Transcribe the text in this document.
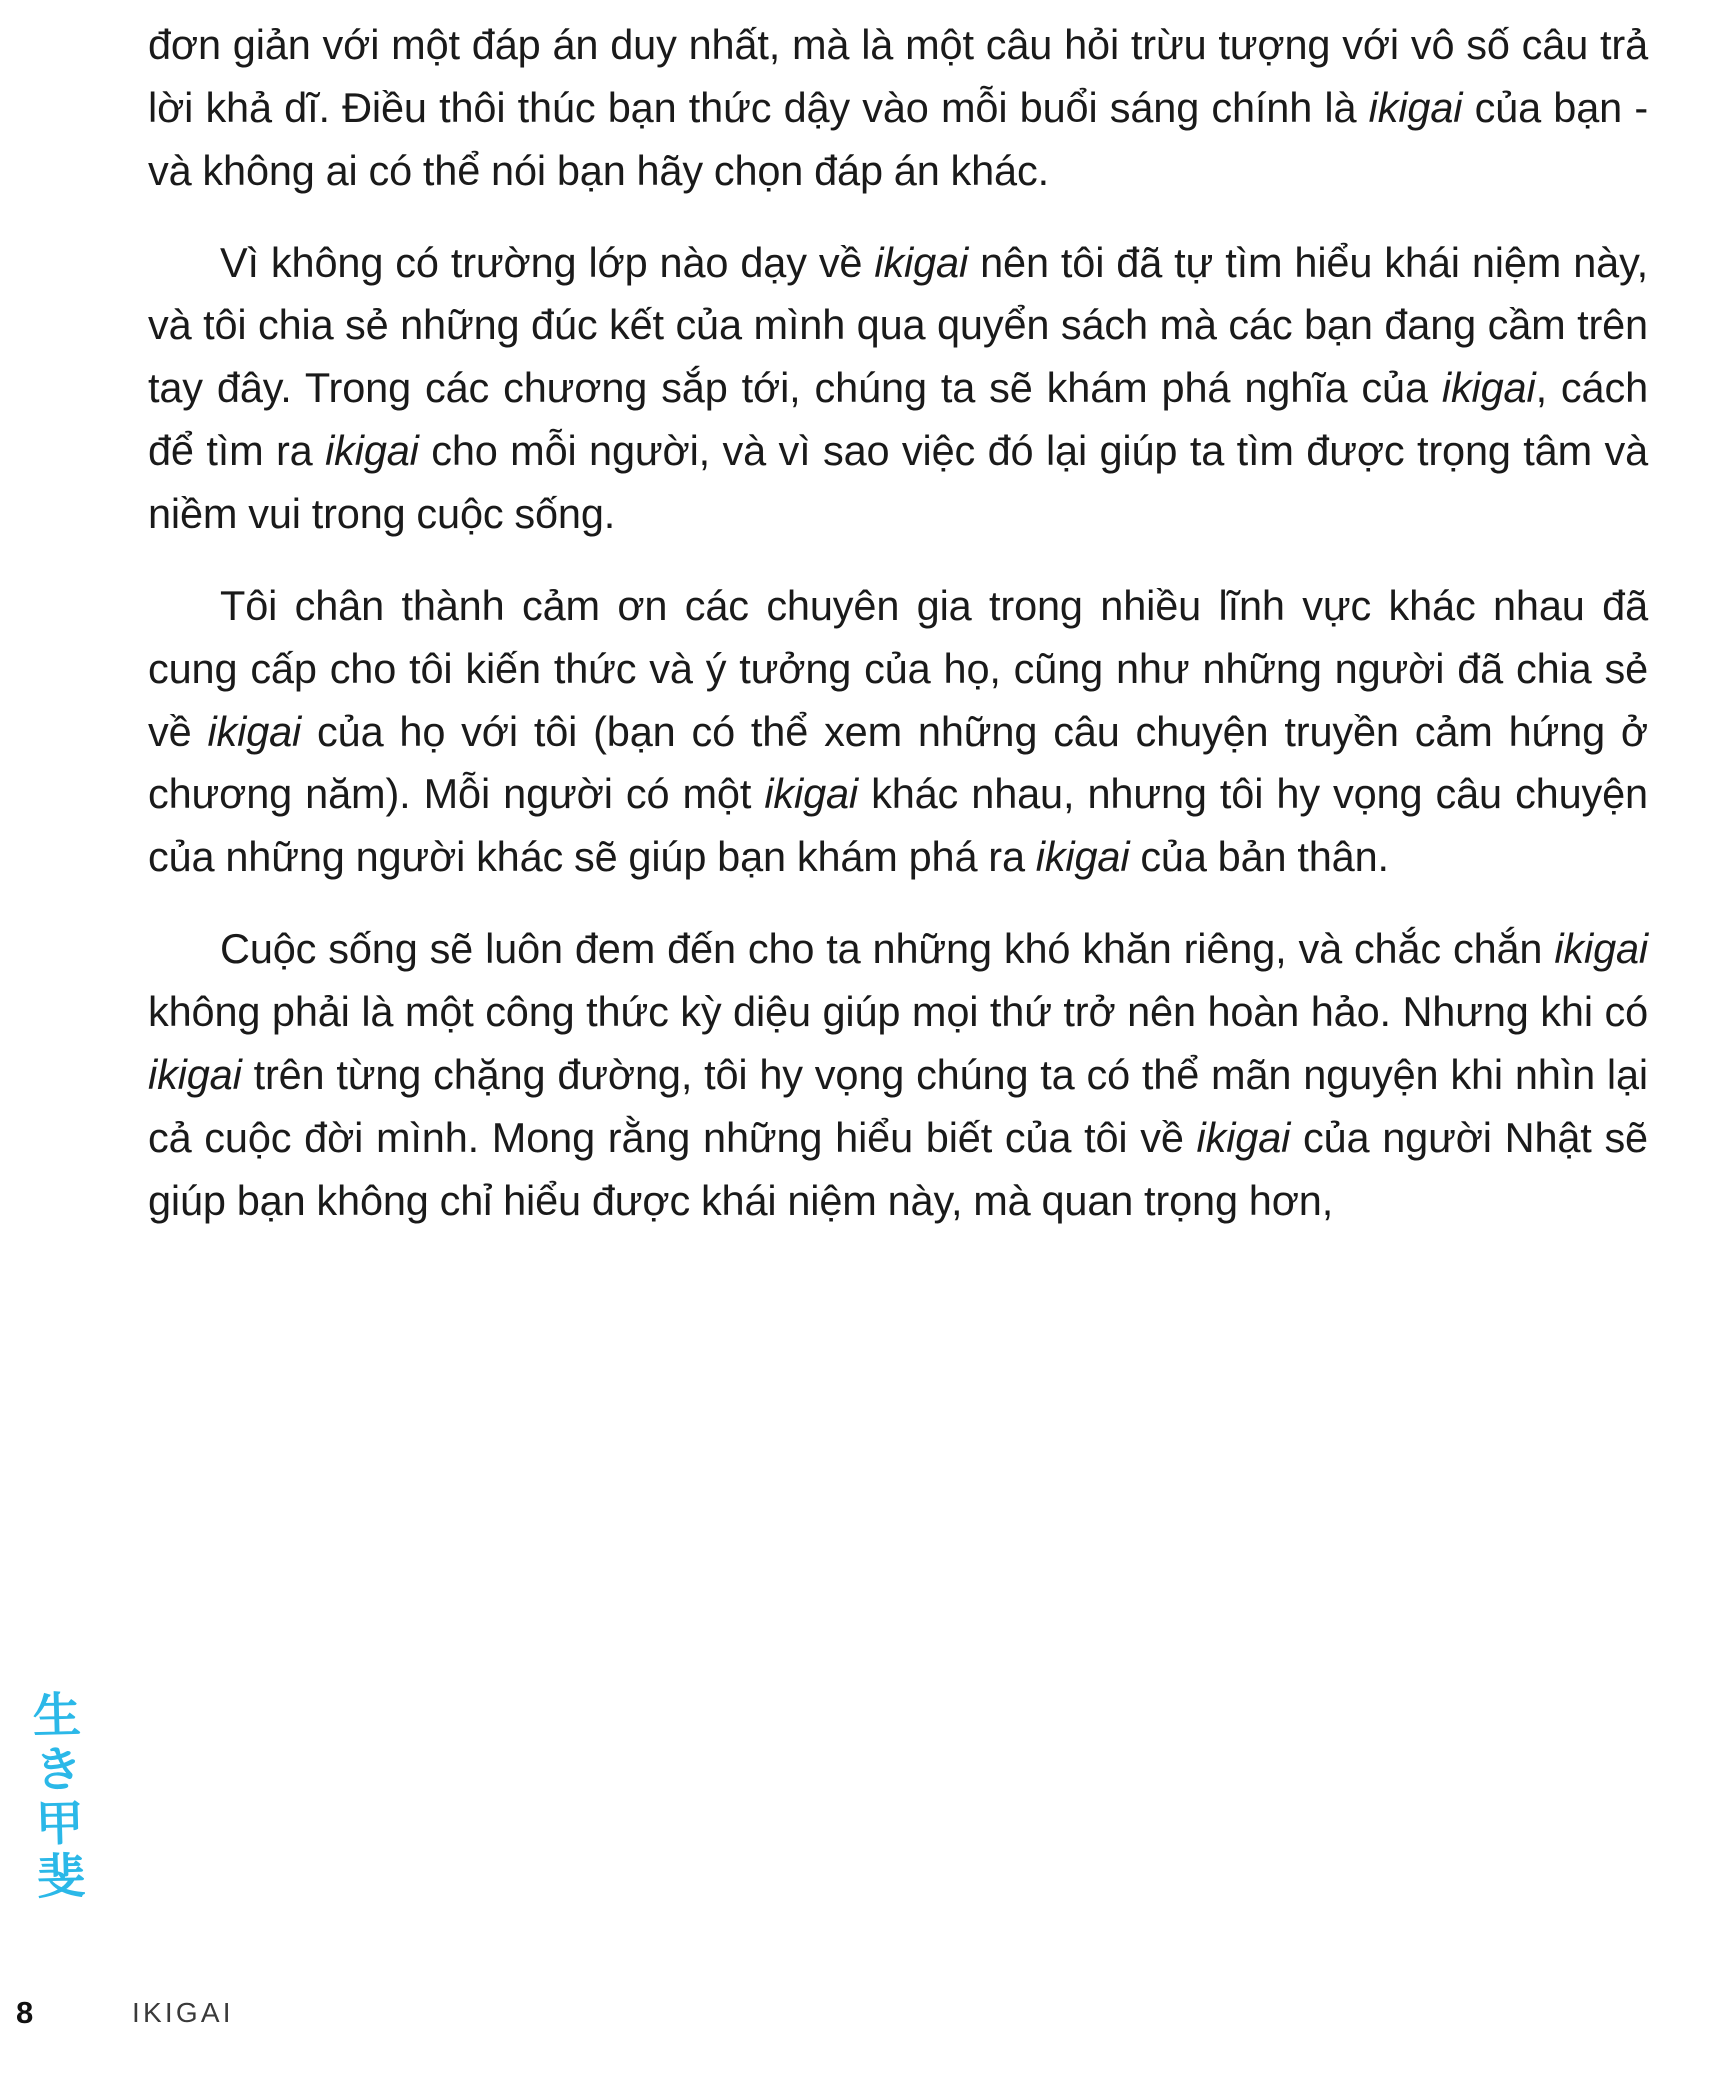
đơn giản với một đáp án duy nhất, mà là một câu hỏi trừu tượng với vô số câu trả lời khả dĩ. Điều thôi thúc bạn thức dậy vào mỗi buổi sáng chính là ikigai của bạn - và không ai có thể nói bạn hãy chọn đáp án khác.

Vì không có trường lớp nào dạy về ikigai nên tôi đã tự tìm hiểu khái niệm này, và tôi chia sẻ những đúc kết của mình qua quyển sách mà các bạn đang cầm trên tay đây. Trong các chương sắp tới, chúng ta sẽ khám phá nghĩa của ikigai, cách để tìm ra ikigai cho mỗi người, và vì sao việc đó lại giúp ta tìm được trọng tâm và niềm vui trong cuộc sống.

Tôi chân thành cảm ơn các chuyên gia trong nhiều lĩnh vực khác nhau đã cung cấp cho tôi kiến thức và ý tưởng của họ, cũng như những người đã chia sẻ về ikigai của họ với tôi (bạn có thể xem những câu chuyện truyền cảm hứng ở chương năm). Mỗi người có một ikigai khác nhau, nhưng tôi hy vọng câu chuyện của những người khác sẽ giúp bạn khám phá ra ikigai của bản thân.

Cuộc sống sẽ luôn đem đến cho ta những khó khăn riêng, và chắc chắn ikigai không phải là một công thức kỳ diệu giúp mọi thứ trở nên hoàn hảo. Nhưng khi có ikigai trên từng chặng đường, tôi hy vọng chúng ta có thể mãn nguyện khi nhìn lại cả cuộc đời mình. Mong rằng những hiểu biết của tôi về ikigai của người Nhật sẽ giúp bạn không chỉ hiểu được khái niệm này, mà quan trọng hơn,

生
き
甲
斐
8	IKIGAI
